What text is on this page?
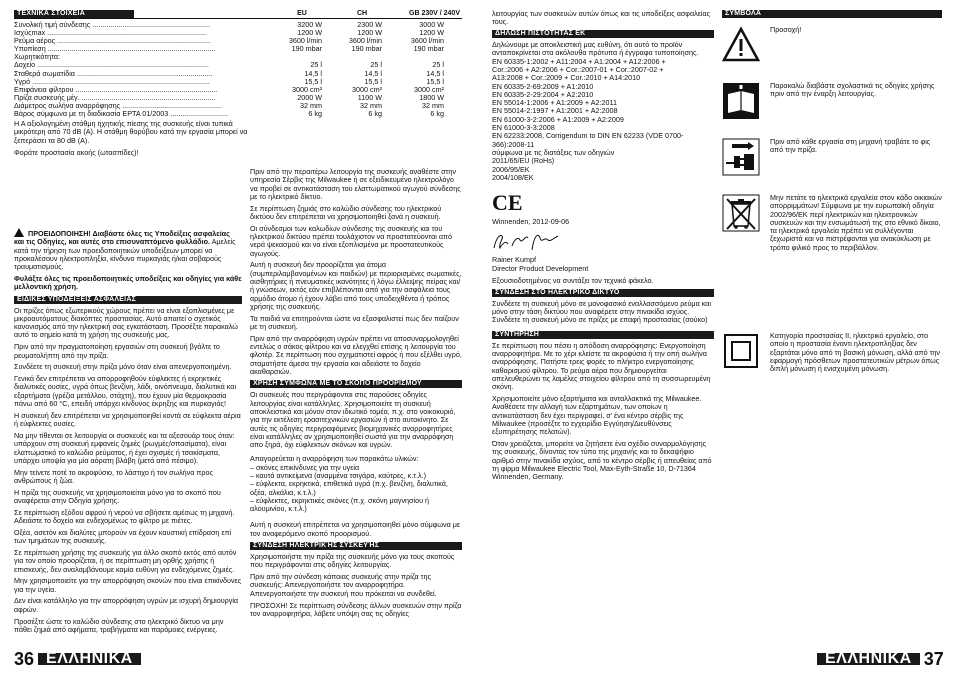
ΤΕΧΝΙΚΑ ΣΤΟΙΧΕΙΑ	EU	CH	GB 230V / 240V
Συνολική τιμή σύνδεσης ...........................................................	3200 W	2300 W	3000 W
Ισχύςmax ................................................................................	1200 W	1200 W	1200 W
Ρεύμα αέρος .............................................................................	3600 l/min	3600 l/min	3600 l/min
Υποπίεση ....................................................................................	190 mbar	190 mbar	190 mbar
Χωρητικότητα:
Δοχείο ......................................................................................	25 l	25 l	25 l
Σταθερά σωματίδια ....................................................................	14,5 l	14,5 l	14,5 l
Υγρό .........................................................................................	15,5 l	15,5 l	15,5 l
Επιφάνεια φίλτρου .......................................................................	3000 cm²	3000 cm²	3000 cm²
Πρίζα συσκευής μέγ. ...................................................................	2000 W	1100 W	1800 W
Διάμετρος σωλήνα αναρρόφησης ..................................................	32 mm	32 mm	32 mm
Βάρος σύμφωνα με τη διαδικασία EPTA 01/2003 .............................	6 kg	6 kg	6 kg

Η Α αξιολογημένη στάθμη ηχητικής πίεσης της συσκευής είναι τυπικά μικρότερη από 70 dB (A). Η στάθμη θορύβου κατά την εργασία μπορεί να ξεπεράσει τα 80 dB (A).

Φοράτε προστασία ακοής (ωτασπίδες)!

ΠΡΟΕΙΔΟΠΟΙΗΣΗ! Διαβάστε όλες τις Υποδείξεις ασφαλείας και τις Οδηγίες, και αυτές στο επισυναπτόμενο φυλλάδιο. Αμελείς κατά την τήρηση των προειδοποιητικών υποδείξεων μπορεί να προκαλέσουν ηλεκτροπληξία, κίνδυνο πυρκαγιάς ή/και σοβαρούς τραυματισμούς.

Φυλάξτε όλες τις προειδοποιητικές υποδείξεις και οδηγίες για κάθε μελλοντική χρήση.

ΕΙΔΙΚΕΣ ΥΠΟΔΕΙΞΕΙΣ ΑΣΦΑΛΕΙΑΣ

Οι πρίζες όπως εξωτερικούς χώρους πρέπει να είναι εξοπλισμένες με μικροαυτόματους διακόπτες προστασίας. Αυτό απαιτεί ο σχετικός κανονισμός από την ηλεκτρική σας εγκατάσταση. Προσέξτε παρακαλώ αυτό το σημείο κατά τη χρήση της συσκευής μας.

Πριν από την πραγματοποίηση εργασιών στη συσκευή βγάλτε το ρευματολήπτη από την πρίζα.

Συνδέετε τη συσκευή στην πρίζα μόνο όταν είναι απενεργοποιημένη.

Γενικά δεν επιτρέπεται να απορροφηθούν εύφλεκτες ή εκρηκτικές διαλυτικές ουσίες, υγρά όπως βενζίνη, λάδι, οινόπνευμα, διαλυτικά και εξαρτήματα (γρέζια μετάλλου, στάχτη), που έχουν μία θερμοκρασία πάνω από 60 °C, επειδή υπάρχει κίνδυνος έκρηξης και πυρκαγιάς!

Η συσκευή δεν επιτρέπεται να χρησιμοποιηθεί κοντά σε εύφλεκτα αέρια ή εύφλεκτες ουσίες.

Να μην τίθενται σε λειτουργία οι συσκευές και τα αξεσουάρ τους όταν: υπάρχουν στη συσκευή εμφανείς ζημιές (ρωγμές/σπασίματα), είναι ελαττωματικό το καλώδιο ρεύματος, ή έχει σχισμές ή τσακίσματα, υπάρχει υποψία για μία αόρατη βλάβη (μετά από πέσιμο).

Μην τείνετε ποτέ το ακροφύσιο, το λάστιχο ή τον σωλήνα προς ανθρώπους ή ζώα.

Η πρίζα της συσκευής να χρησιμοποιείται μόνο για το σκοπό που αναφέρεται στην Οδηγία χρήσης.

Σε περίπτωση εξόδου αφρού ή νερού να σβήσετε αμέσως τη μηχανή. Αδειάστε το δοχείο και ενδεχομένως το φίλτρο με πιέτες.

Οξέα, ασετόν και διαλύτες μπορούν να έχουν καυστική επίδραση επί των τμημάτων της συσκευής.

Σε περίπτωση χρήσης της συσκευής για άλλο σκοπό εκτός από αυτόν για τον οποίο προορίζεται, ή σε περίπτωση μη ορθής χρήσης ή επισκευής, δεν αναλαμβάνουμε καμία ευθύνη για ενδεχόμενες ζημιές.

Μην χρησιμοποιείτε για την απορρόφηση σκονών που είναι επικίνδυνες για την υγεία.

Δεν είναι κατάλληλο για την απορρόφηση υγρών με ισχυρή δημιουργία αφρών.

Προσέξτε ώστε το καλώδιο σύνδεσης στο ηλεκτρικό δίκτυο να μην πάθει ζημιά από αφήματα, τραβήγματα και παρόμοιες ενέργειες.

Πριν από την περαιτέρω λειτουργία της συσκευής αναθέστε στην υπηρεσία Σέρβις της Milwaukee ή σε εξειδικευμένο ηλεκτρολόγο να προβεί σε αντικατάσταση του ελαττωματικού αγωγού σύνδεσης με το ηλεκτρικό δίκτυο.

Σε περίπτωση ζημιάς στο καλώδιο σύνδεσης του ηλεκτρικού δικτύου δεν επιτρέπεται να χρησιμοποιηθεί ξανά η συσκευή.

Οι σύνδεσμοι των καλωδίων σύνδεσης της συσκευής και του ηλεκτρικού δικτύου πρέπει τουλάχιστον να προστατεύονται από νερά ψεκασμού και να είναι εξοπλισμένα με προστατευτικούς αγωγούς.

Αυτή η συσκευή δεν προορίζεται για άτομα (συμπεριλαμβανομένων και παιδιών) με περιορισμένες σωματικές, αισθητήριες ή πνευματικές ικανότητες ή λόγω έλλειψης πείρας και/ή γνώσεων, εκτός εάν επιβλέπονται από για την ασφάλεια τους αρμόδιο άτομο ή έχουν λάβει από τους υποδειχθέντα ή τρόπος χρήσης της συσκευής.

Τα παιδιά να επιτηρούνται ώστε να εξασφαλιστεί πως δεν παίζουν με τη συσκευή.

Πριν από την αναρρόφηση υγρών πρέπει να αποσυναρμολογηθεί εντελώς ο σάκος φίλτρου και να ελεγχθεί επίσης η λειτουργία του φλοτέρ. Σε περίπτωση που σχηματιστεί αφρός ή που εξέλθει υγρό, σταματήστε άμεσα την εργασία και αδειάστε το δοχείο ακαθαρσιών.

ΧΡΗΣΗ ΣΥΜΦΩΝΑ ΜΕ ΤΟ ΣΚΟΠΟ ΠΡΟΟΡΙΣΜΟΥ

Οι συσκευές που περιγράφονται στις παρούσες οδηγίες λειτουργίας είναι κατάλληλες. Χρησιμοποιείτε τη συσκευή αποκλειστικά και μόνον στον ιδιωτικό τομέα, π.χ. στο νοικοκυριό, για την εκτέλεση ερασιτεχνικών εργασιών ή στο αυτοκίνητο. Σε αυτές τις οδηγίες περιγραφόμενες βιομηχανικές αναρροφητήρες είναι κατάλληλες αν χρησιμοποιηθεί σωστά για την αναρρόφηση απο ξηρά, όχι εύφλεκτων σκόνων και υγρών.

Απαγορεύεται η αναρρόφηση των παρακάτω υλικών:

– σκόνες επικίνδυνες για την υγεία
– καυτά αντικείμενα (αναμμένα τσιγάρα, καύτρες, κ.τ.λ.)
– εύφλεκτα, εκρηκτικά, επιθετικά υγρά (π.χ. βενζίνη, διαλυτικά, οξέα, αλκάλια, κ.τ.λ.)
– εύφλεκτες, εκρηκτικές σκόνες (π.χ. σκόνη μαγνησίου ή αλουμινίου, κ.τ.λ.)

Αυτή η συσκευή επιτρέπεται να χρησιμοποιηθεί μόνο σύμφωνα με τον αναφερόμενο σκοπό προορισμού.

ΣΥΝΔΕΣΗ ΗΛΕΚΤΡΙΚΉΣ ΣΥΣΚΕΥΉΣ

Χρησιμοποιήστε την πρίζα της συσκευής μόνο για τους σκοπούς που περιγράφονται στις οδηγίες λειτουργίας.

Πριν από την σύνδεση κάποιας συσκευής στην πρίζα της συσκευής: Απενεργοποιήστε τον αναρροφητήρα. Απενεργοποιήστε την συσκευή που πρόκειται να συνδεθεί.

ΠΡΟΣΟΧΗ! Σε περίπτωση σύνδεσης άλλων συσκευών στην πρίζα τον αναρροφητήρα, λάβετε υπόψη σας τις οδηγίες

36 ΕΛΛΗΝΙΚΑ

λειτουργίας των συσκευών αυτών όπως και τις υποδείξεις ασφαλείας τους.

ΔΗΛΩΣΗ ΠΙΣΤΟΤΗΤΑΣ ΕΚ

Δηλώνουμε με αποκλειστική μας ευθύνη, ότι αυτό το προϊόν ανταποκρίνεται στα ακόλουθα πρότυπα ή έγγραφα τυποποίησης.

EN 60335-1:2002 + A11:2004 + A1:2004 + A12:2006 +
Cor.:2006 + A2:2006 + Cor.:2007-01 + Cor.:2007-02 +
A13:2008 + Cor.:2009 + Cor.:2010 + A14:2010
EN 60335-2-69:2009 + A1:2010
EN 60335-2-29:2004 + A2:2010
EN 55014-1:2006 + A1:2009 + A2:2011
EN 55014-2:1997 + A1:2001 + A2:2008
EN 61000-3-2:2006 + A1:2009 + A2:2009
EN 61000-3-3:2008
EN 62233:2008, Corrigendum to DIN EN 62233 (VDE 0700-366):2008-11
σύμφωνα με τις διατάξεις των οδηγιών
2011/65/EU (RoHs)
2006/95/EK
2004/108/EK
CE

Winnenden, 2012-09-06

Rainer Kumpf

Director Product Development

Εξουσιοδοτημένος να συντάξει τον τεχνικό φάκελο.

ΣΥΝΔΕΣΗ ΣΤΟ ΗΛΕΚΤΡΙΚΟ ΔΙΚΤΥΟ

Συνδέετε τη συσκευή μόνο σε μονοφασικό εναλλασσόμενο ρεύμα και μόνο στην τάση δικτύου που αναφέρετε στην πινακίδα ισχύος. Συνδέετε τη συσκευή μόνο σε πρίζες με επαφή προστασίας (σούκο)

ΣΥΝΤΗΡΗΣΗ

Σε περίπτωση που πέσει η απόδοση αναρρόφησης: Ενεργοποίηση αναρροφητήρα. Με το χέρι κλείστε τα ακροφύσια ή την οπή σωλήνα αναρρόφησης. Πατήστε τρεις φορές το πλήκτρο ενεργοποίησης καθαρισμού φίλτρου. Το ρεύμα αέρα που δημιουργείται απελευθερώνει τις λαμέλες στοιχείου φίλτρου από τη συσσωρευμένη σκόνη.

Χρησιμοποιείτε μόνο εξαρτήματα και ανταλλακτικά της Milwaukee. Αναθέσετε την αλλαγή των εξαρτημάτων, των οποίων η αντικατάσταση δεν έχει περιγραφεί, σ' ένα κέντρο σέρβις της Milwaukee (προσέξτε το εγχειρίδιο Εγγύηση/Διευθύνσεις εξυπηρέτησης πελατών).

Όταν χρειάζεται, μπορείτε να ζητήσετε ένα σχέδιο συναρμολόγησης της συσκευής, δίνοντας τον τύπο της μηχανής και το δεκαψήφιο αριθμό στην πινακίδα ισχύος, από το κέντρο σέρβις ή απευθείας από τη φίρμα Milwaukee Electric Tool, Max-Eyth-Straße 10, D-71364 Winnenden, Germany.

ΣΥΜΒΟΛΑ
Προσοχή!
Παρακαλώ διαβάστε σχολαστικά τις οδηγίες χρήσης πριν από την έναρξη λειτουργίας.
Πριν από κάθε εργασία στη μηχανή τραβάτε το φις από την πρίζα.
Μην πετάτε τα ηλεκτρικά εργαλεία στον κάδο οικιακών απορριμμάτων! Σύμφωνα με την ευρωπαϊκή οδηγία 2002/96/ΕΚ περί ηλεκτρικών και ηλεκτρονικών συσκευών και την ενσωμάτωσή της στο εθνικό δίκαιο, τα ηλεκτρικά εργαλεία πρέπει να συλλέγονται ξεχωριστά και να πιστρέφονται για ανακύκλωση με τρόπο φιλικό προς το περιβάλλον.
Κατηγορία προστασίας II, ηλεκτρικό εργαλείο, στο οποίο η προστασία έναντι ηλεκτροπληξίας δεν εξαρτάται μόνο από τη βασική μόνωση, αλλά από την εφαρμογή πρόσθετων προστατευτικών μέτρων όπως διπλή μόνωση ή ενισχυμένη μόνωση.
ΕΛΛΗΝΙΚΑ 37
